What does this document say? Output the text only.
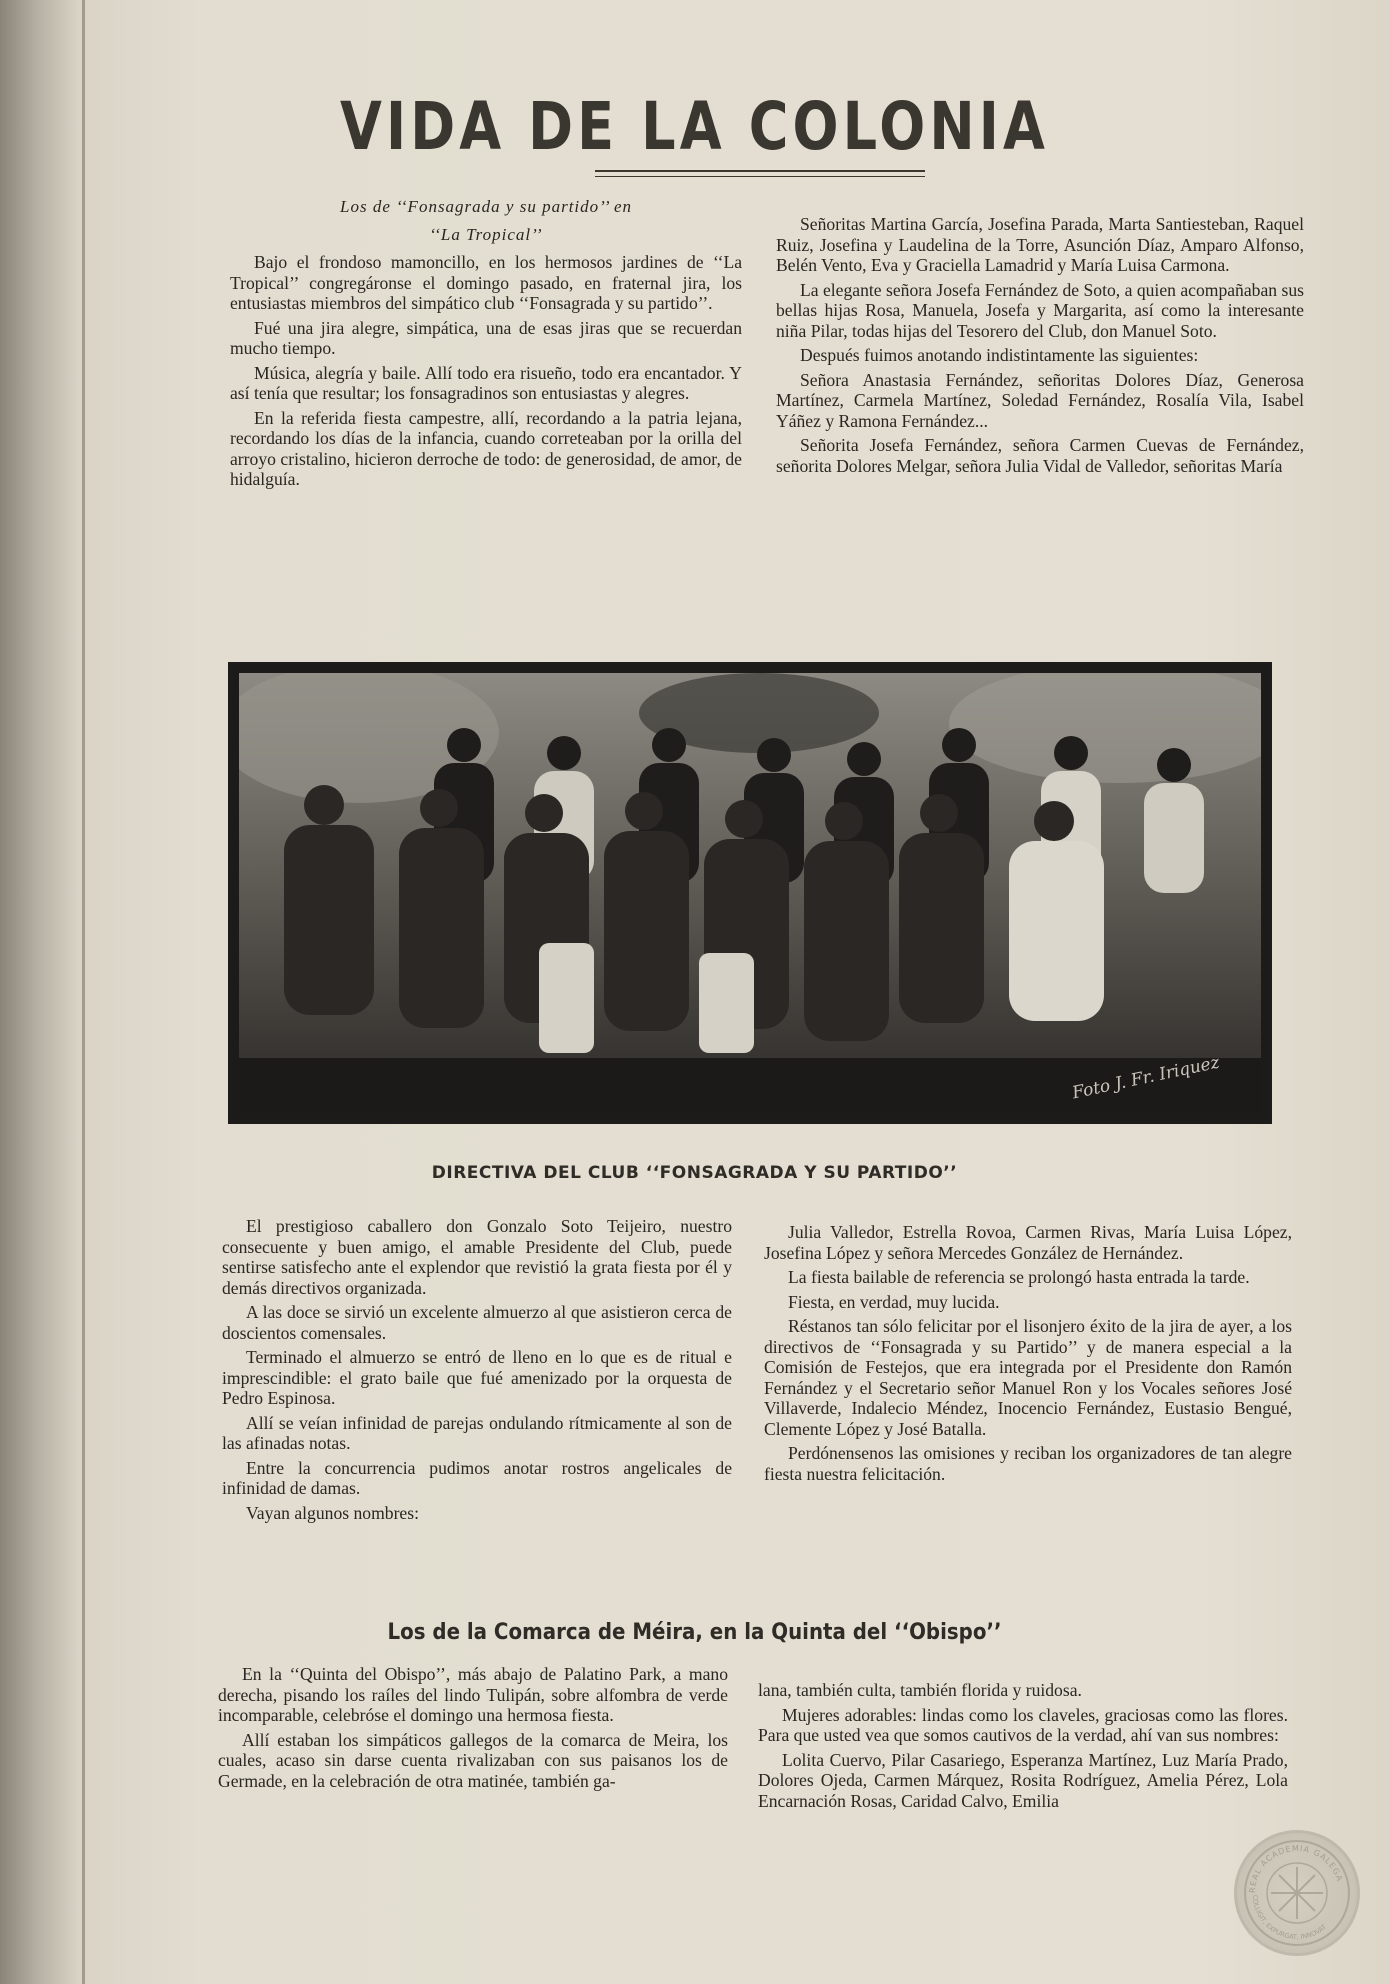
VIDA DE LA COLONIA
Los de ‘‘Fonsagrada y su partido’’ en
‘‘La Tropical’’

Bajo el frondoso mamoncillo, en los hermosos jardines de ‘‘La Tropical’’ congregáronse el domingo pasado, en fraternal jira, los entusiastas miembros del simpático club ‘‘Fonsagrada y su partido’’.

Fué una jira alegre, simpática, una de esas jiras que se recuerdan mucho tiempo.

Música, alegría y baile. Allí todo era risueño, todo era encantador. Y así tenía que resultar; los fonsagradinos son entusiastas y alegres.

En la referida fiesta campestre, allí, recordando a la patria lejana, recordando los días de la infancia, cuando correteaban por la orilla del arroyo cristalino, hicieron derroche de todo: de generosidad, de amor, de hidalguía.

Señoritas Martina García, Josefina Parada, Marta Santiesteban, Raquel Ruiz, Josefina y Laudelina de la Torre, Asunción Díaz, Amparo Alfonso, Belén Vento, Eva y Graciella Lamadrid y María Luisa Carmona.

La elegante señora Josefa Fernández de Soto, a quien acompañaban sus bellas hijas Rosa, Manuela, Josefa y Margarita, así como la interesante niña Pilar, todas hijas del Tesorero del Club, don Manuel Soto.

Después fuimos anotando indistintamente las siguientes:

Señora Anastasia Fernández, señoritas Dolores Díaz, Generosa Martínez, Carmela Martínez, Soledad Fernández, Rosalía Vila, Isabel Yáñez y Ramona Fernández...

Señorita Josefa Fernández, señora Carmen Cuevas de Fernández, señorita Dolores Melgar, señora Julia Vidal de Valledor, señoritas María

Foto J. Fr. Iriquez
DIRECTIVA DEL CLUB ‘‘FONSAGRADA Y SU PARTIDO’’

El prestigioso caballero don Gonzalo Soto Teijeiro, nuestro consecuente y buen amigo, el amable Presidente del Club, puede sentirse satisfecho ante el explendor que revistió la grata fiesta por él y demás directivos organizada.

A las doce se sirvió un excelente almuerzo al que asistieron cerca de doscientos comensales.

Terminado el almuerzo se entró de lleno en lo que es de ritual e imprescindible: el grato baile que fué amenizado por la orquesta de Pedro Espinosa.

Allí se veían infinidad de parejas ondulando rítmicamente al son de las afinadas notas.

Entre la concurrencia pudimos anotar rostros angelicales de infinidad de damas.

Vayan algunos nombres:

Julia Valledor, Estrella Rovoa, Carmen Rivas, María Luisa López, Josefina López y señora Mercedes González de Hernández.

La fiesta bailable de referencia se prolongó hasta entrada la tarde.

Fiesta, en verdad, muy lucida.

Réstanos tan sólo felicitar por el lisonjero éxito de la jira de ayer, a los directivos de ‘‘Fonsagrada y su Partido’’ y de manera especial a la Comisión de Festejos, que era integrada por el Presidente don Ramón Fernández y el Secretario señor Manuel Ron y los Vocales señores José Villaverde, Indalecio Méndez, Inocencio Fernández, Eustasio Bengué, Clemente López y José Batalla.

Perdónensenos las omisiones y reciban los organizadores de tan alegre fiesta nuestra felicitación.

Los de la Comarca de Méira, en la Quinta del ‘‘Obispo’’

En la ‘‘Quinta del Obispo’’, más abajo de Palatino Park, a mano derecha, pisando los raíles del lindo Tulipán, sobre alfombra de verde incomparable, celebróse el domingo una hermosa fiesta.

Allí estaban los simpáticos gallegos de la comarca de Meira, los cuales, acaso sin darse cuenta rivalizaban con sus paisanos los de Germade, en la celebración de otra matinée, también ga-

lana, también culta, también florida y ruidosa.

Mujeres adorables: lindas como los claveles, graciosas como las flores. Para que usted vea que somos cautivos de la verdad, ahí van sus nombres:

Lolita Cuervo, Pilar Casariego, Esperanza Martínez, Luz María Prado, Dolores Ojeda, Carmen Márquez, Rosita Rodríguez, Amelia Pérez, Lola Encarnación Rosas, Caridad Calvo, Emilia

REAL ACADEMIA GALEGA
COLLIGIT, EXPURGAT, INNOVAT
